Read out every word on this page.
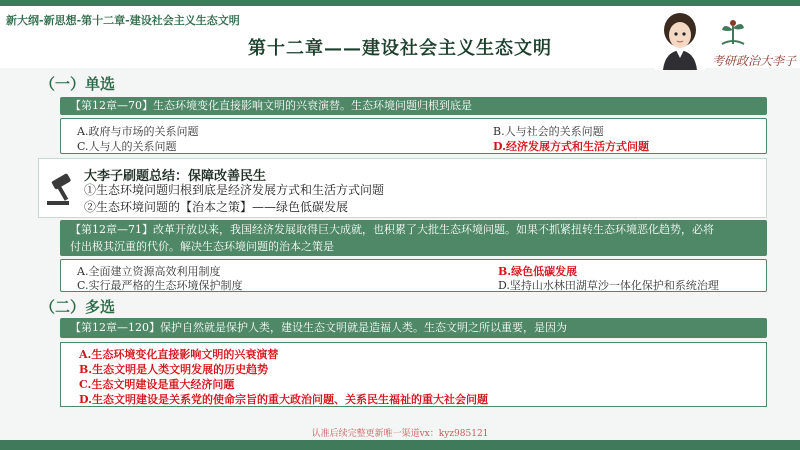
新大纲-新思想-第十二章-建设社会主义生态文明
第十二章——建设社会主义生态文明
考研政治大李子
（一）单选
【第12章—70】生态环境变化直接影响文明的兴衰演替。生态环境问题归根到底是
A.政府与市场的关系问题	B.人与社会的关系问题
C.人与人的关系问题	D.经济发展方式和生活方式问题
大李子刷题总结：保障改善民生
①生态环境问题归根到底是经济发展方式和生活方式问题
②生态环境问题的【治本之策】——绿色低碳发展
【第12章—71】改革开放以来，我国经济发展取得巨大成就，也积累了大批生态环境问题。如果不抓紧扭转生态环境恶化趋势，必将
付出极其沉重的代价。解决生态环境问题的治本之策是
A.全面建立资源高效利用制度	B.绿色低碳发展
C.实行最严格的生态环境保护制度	D.坚持山水林田湖草沙一体化保护和系统治理
（二）多选
【第12章—120】保护自然就是保护人类，建设生态文明就是造福人类。生态文明之所以重要，是因为
A.生态环境变化直接影响文明的兴衰演替
B.生态文明是人类文明发展的历史趋势
C.生态文明建设是重大经济问题
D.生态文明建设是关系党的使命宗旨的重大政治问题、关系民生福祉的重大社会问题
认准后续完整更新唯一渠道vx：kyz985121
